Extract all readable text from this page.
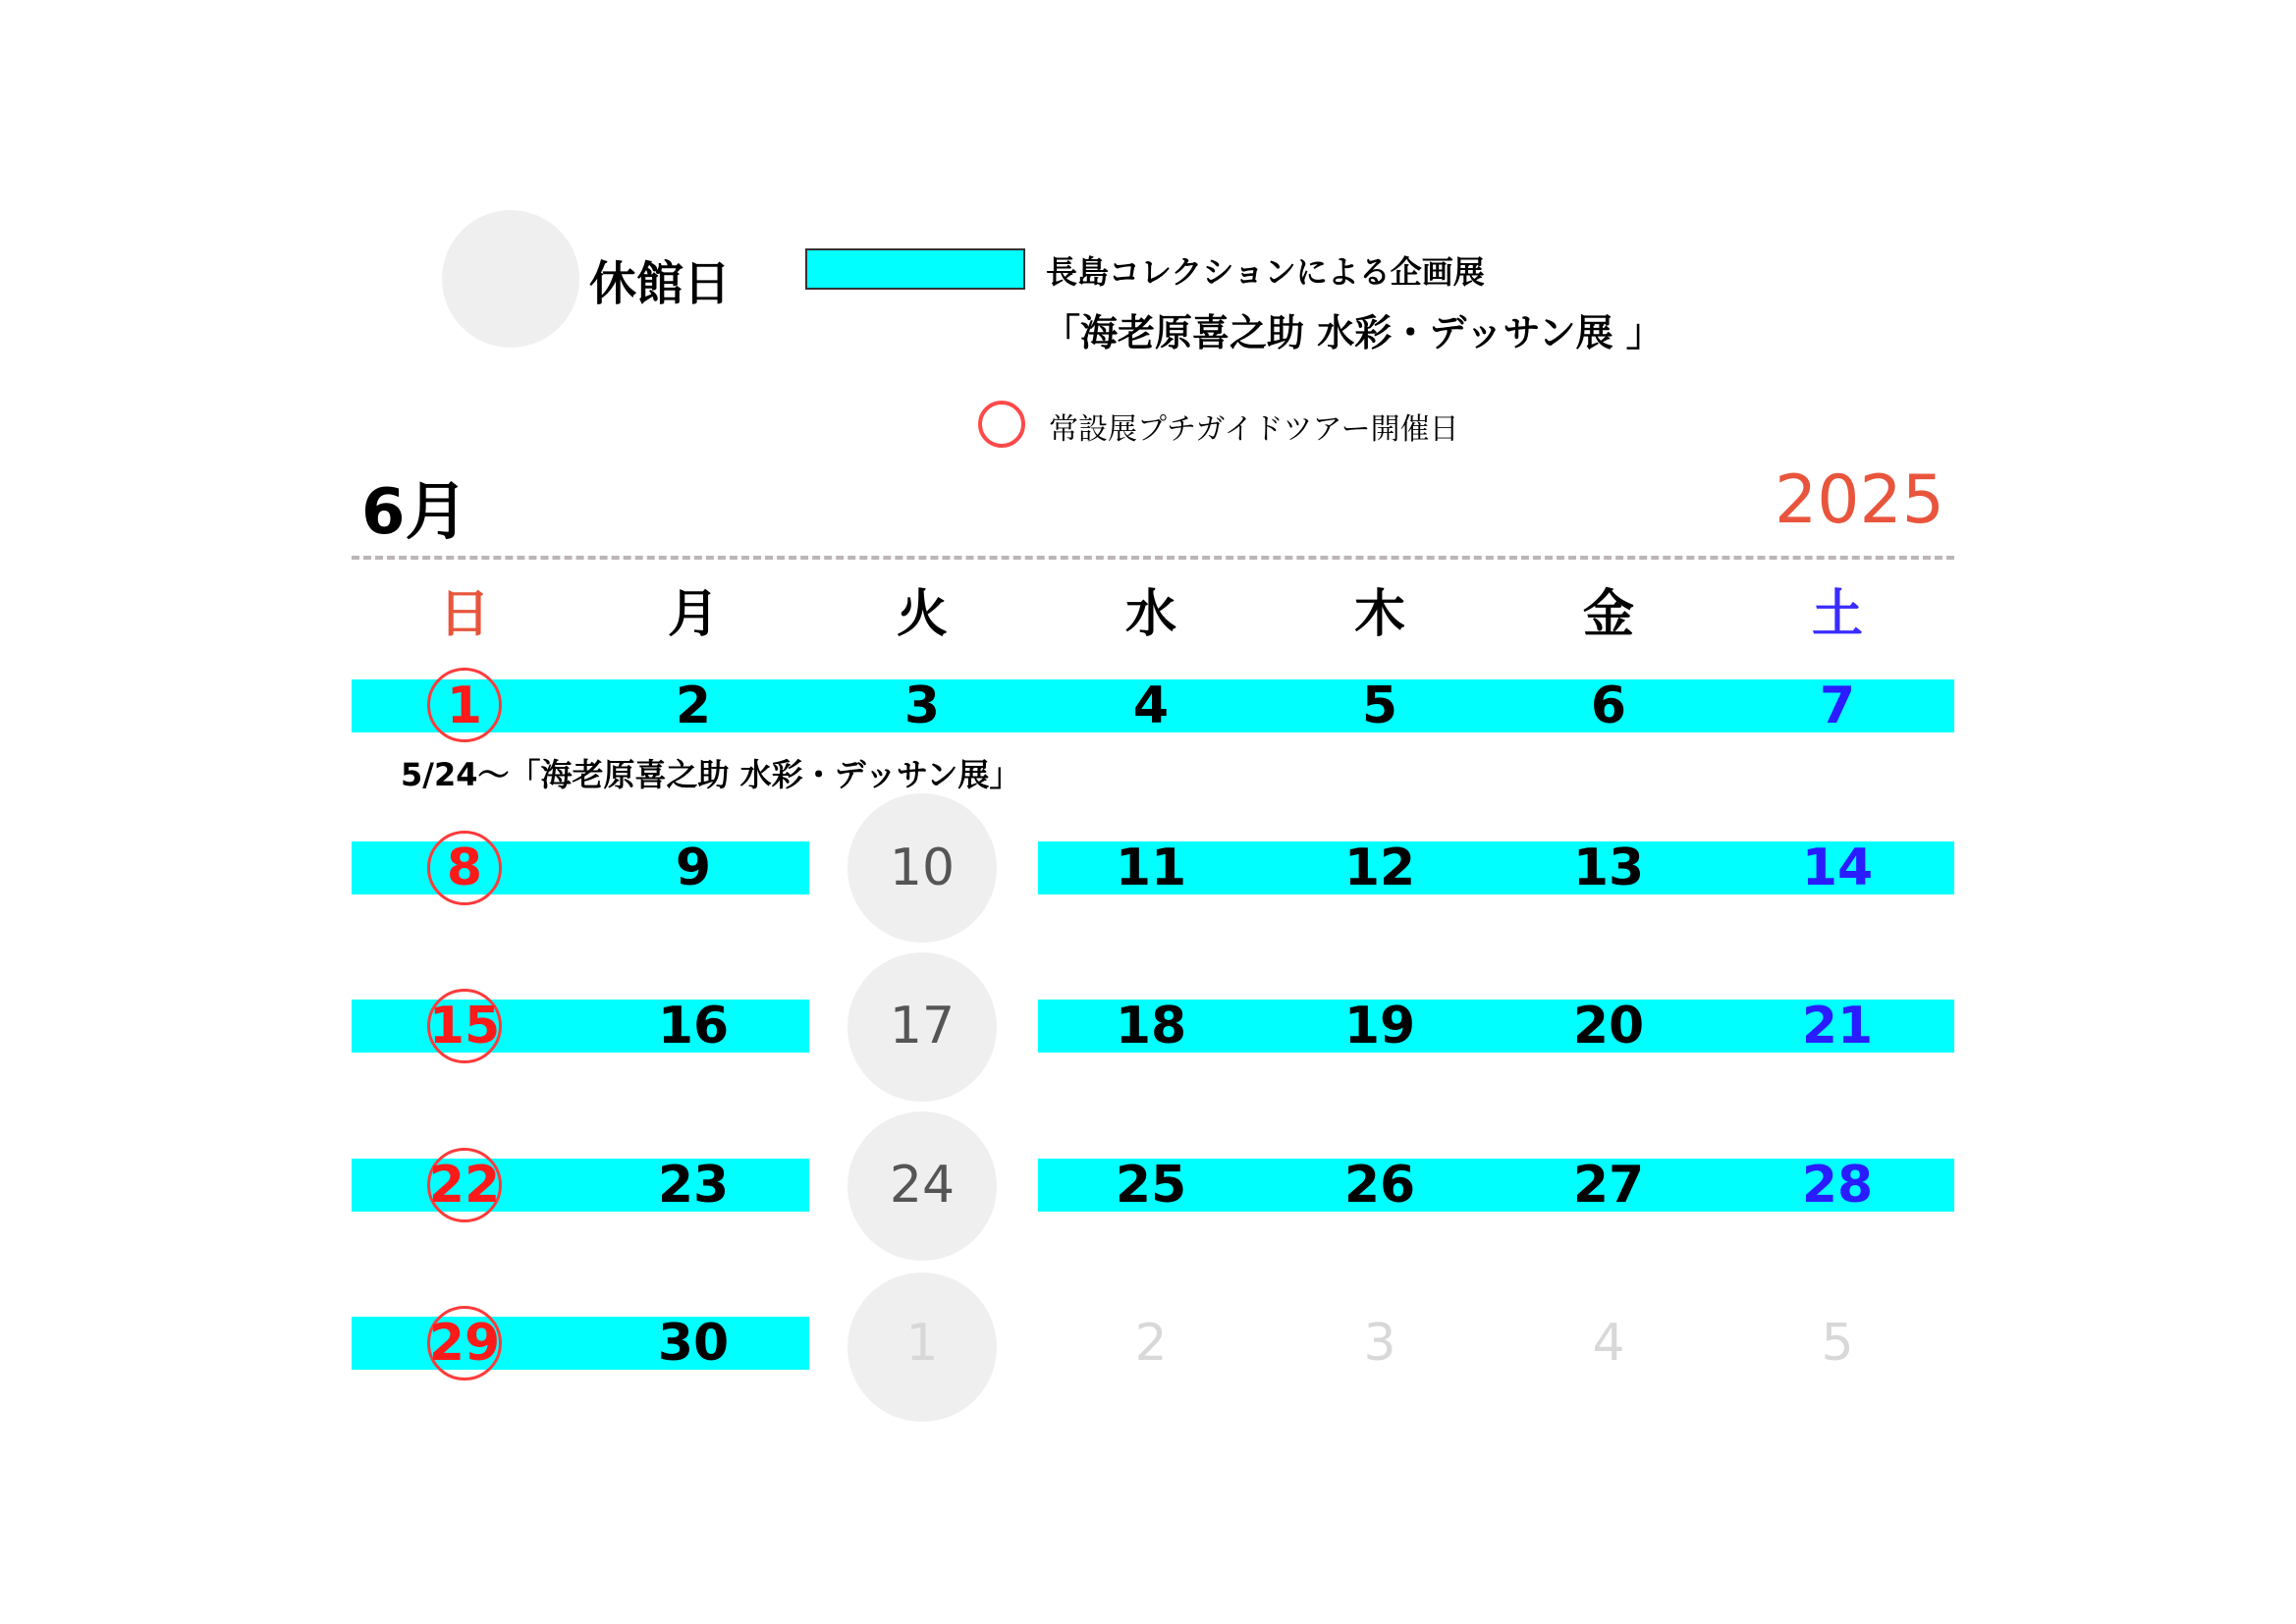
休館日	長島コレクションによる企画展
「海老原喜之助 水彩・デッサン展 」
常設展プチガイドツアー開催日
6月	2025
日	月	火	水	木	金	土
5/24〜「海老原喜之助 水彩・デッサン展」
1	2	3	4	5	6	7
8	9	10	11	12	13	14
15	16	17	18	19	20	21
22	23	24	25	26	27	28
29	30	1	2	3	4	5
